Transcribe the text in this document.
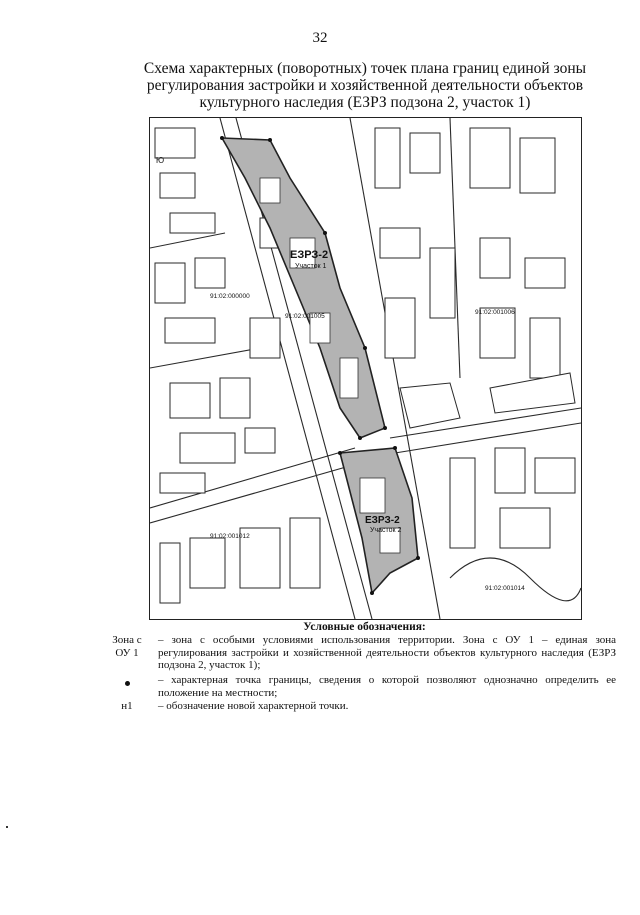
32
Схема характерных (поворотных) точек плана границ единой зоны регулирования застройки и хозяйственной деятельности объектов культурного наследия (ЕЗРЗ подзона 2, участок 1)
ЕЗРЗ-2
Участок 1
ЕЗРЗ-2
Участок 2
91:02:000000
91:02:001005
91:02:001006
91:02:001012
91:02:001014
Ю
Условные обозначения:
Зона с ОУ 1
– зона с особыми условиями использования территории. Зона с ОУ 1 – единая зона регулирования застройки и хозяйственной деятельности объектов культурного наследия (ЕЗРЗ подзона 2, участок 1);
– характерная точка границы, сведения о которой позволяют однозначно определить ее положение на местности;
н1	– обозначение новой характерной точки.
